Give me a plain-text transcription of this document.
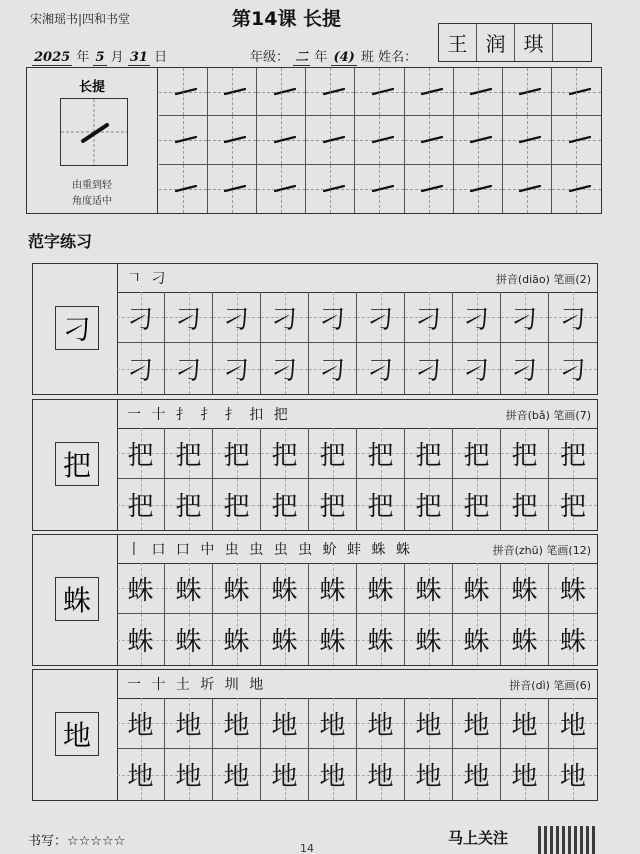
宋湘瑶书|四和书堂	第14课 长提
2025 年 5 月 31 日	年级： 二 年 (4) 班 姓名：
王 润 琪
长提
由重到轻
角度适中
范字练习
刁
𠃍 刁	拼音(diāo) 笔画(2)
刁 刁 刁 刁 刁 刁 刁 刁 刁 刁
刁 刁 刁 刁 刁 刁 刁 刁 刁 刁
把
一 十 扌 扌 扌 扣 把	拼音(bǎ) 笔画(7)
把 把 把 把 把 把 把 把 把 把
把 把 把 把 把 把 把 把 把 把
蛛
丨 口 口 中 虫 虫 虫 虫 蚧 蚌 蛛 蛛	拼音(zhū) 笔画(12)
蛛 蛛 蛛 蛛 蛛 蛛 蛛 蛛 蛛 蛛
蛛 蛛 蛛 蛛 蛛 蛛 蛛 蛛 蛛 蛛
地
一 十 土 圻 圳 地	拼音(dì) 笔画(6)
地 地 地 地 地 地 地 地 地 地
地 地 地 地 地 地 地 地 地 地
书写：☆☆☆☆☆	14
马上关注
